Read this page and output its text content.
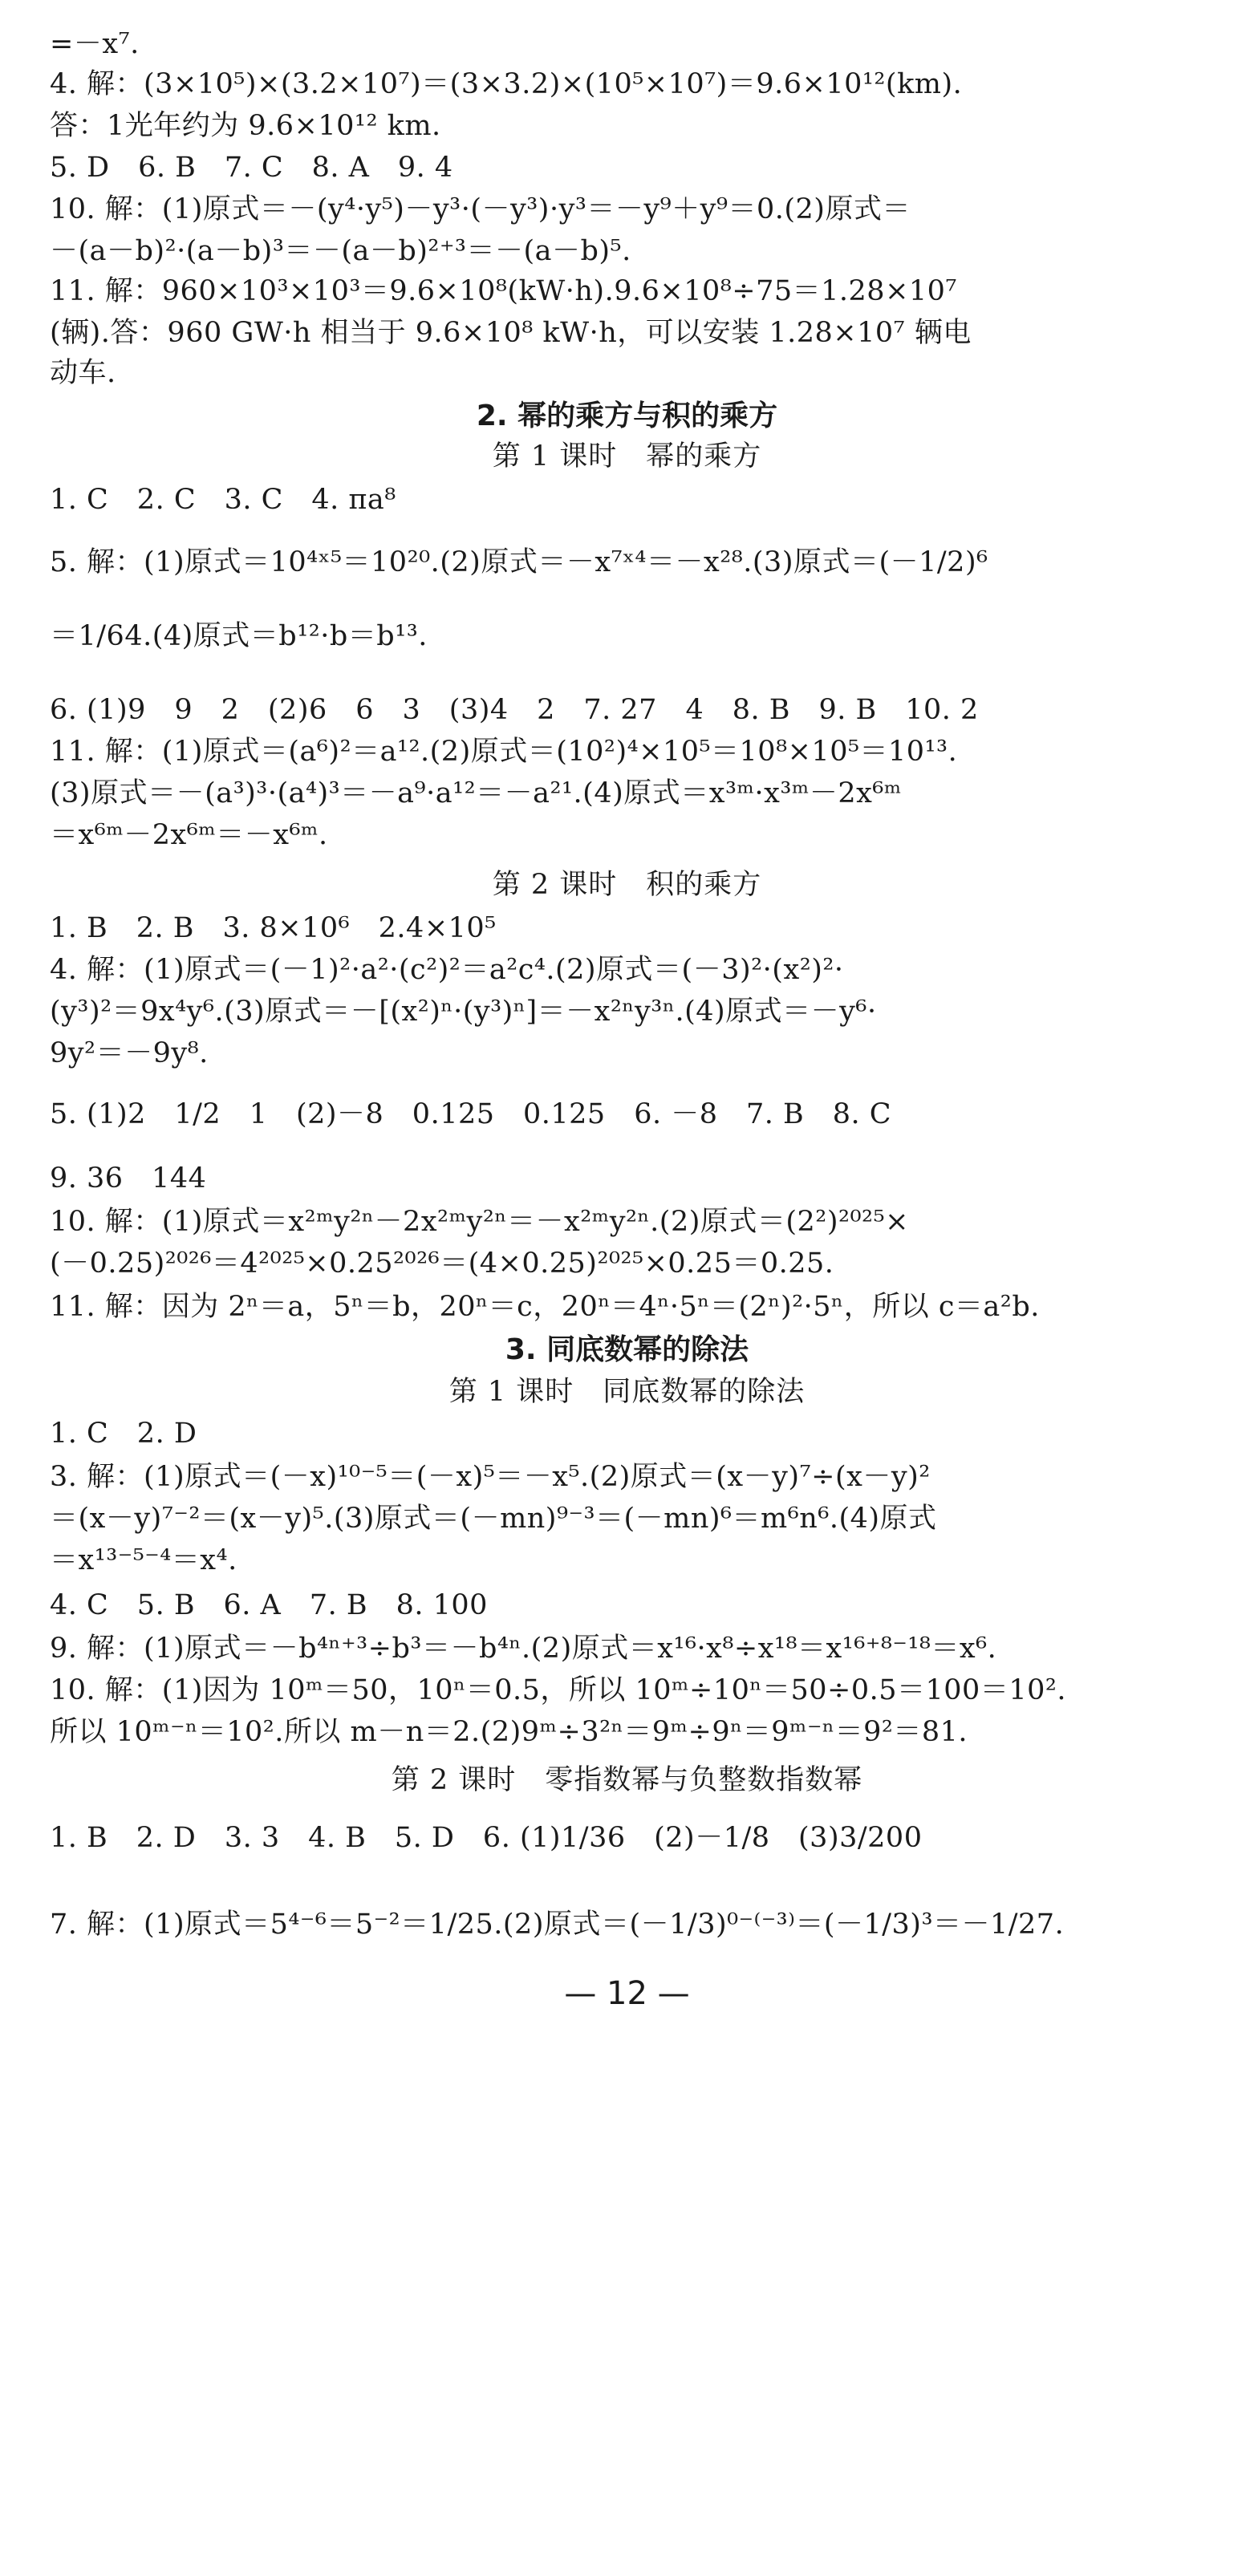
=－x⁷.
4. 解：(3×10⁵)×(3.2×10⁷)＝(3×3.2)×(10⁵×10⁷)＝9.6×10¹²(km).
答：1光年约为 9.6×10¹² km.
5. D　6. B　7. C　8. A　9. 4
10. 解：(1)原式＝－(y⁴·y⁵)－y³·(－y³)·y³＝－y⁹＋y⁹＝0.(2)原式＝
－(a－b)²·(a－b)³＝－(a－b)²⁺³＝－(a－b)⁵.
11. 解：960×10³×10³＝9.6×10⁸(kW·h).9.6×10⁸÷75＝1.28×10⁷
(辆).答：960 GW·h 相当于 9.6×10⁸ kW·h，可以安装 1.28×10⁷ 辆电
动车.
2. 幂的乘方与积的乘方
第 1 课时　幂的乘方
1. C　2. C　3. C　4. πa⁸
5. 解：(1)原式＝10⁴ˣ⁵＝10²⁰.(2)原式＝－x⁷ˣ⁴＝－x²⁸.(3)原式＝(－1/2)⁶
＝1/64.(4)原式＝b¹²·b＝b¹³.
6. (1)9　9　2　(2)6　6　3　(3)4　2　7. 27　4　8. B　9. B　10. 2
11. 解：(1)原式＝(a⁶)²＝a¹².(2)原式＝(10²)⁴×10⁵＝10⁸×10⁵＝10¹³.
(3)原式＝－(a³)³·(a⁴)³＝－a⁹·a¹²＝－a²¹.(4)原式＝x³ᵐ·x³ᵐ－2x⁶ᵐ
＝x⁶ᵐ－2x⁶ᵐ＝－x⁶ᵐ.
第 2 课时　积的乘方
1. B　2. B　3. 8×10⁶　2.4×10⁵
4. 解：(1)原式＝(－1)²·a²·(c²)²＝a²c⁴.(2)原式＝(－3)²·(x²)²·
(y³)²＝9x⁴y⁶.(3)原式＝－[(x²)ⁿ·(y³)ⁿ]＝－x²ⁿy³ⁿ.(4)原式＝－y⁶·
9y²＝－9y⁸.
5. (1)2　1/2　1　(2)－8　0.125　0.125　6. －8　7. B　8. C
9. 36　144
10. 解：(1)原式＝x²ᵐy²ⁿ－2x²ᵐy²ⁿ＝－x²ᵐy²ⁿ.(2)原式＝(2²)²⁰²⁵×
(－0.25)²⁰²⁶＝4²⁰²⁵×0.25²⁰²⁶＝(4×0.25)²⁰²⁵×0.25＝0.25.
11. 解：因为 2ⁿ＝a，5ⁿ＝b，20ⁿ＝c，20ⁿ＝4ⁿ·5ⁿ＝(2ⁿ)²·5ⁿ，所以 c＝a²b.
3. 同底数幂的除法
第 1 课时　同底数幂的除法
1. C　2. D
3. 解：(1)原式＝(－x)¹⁰⁻⁵＝(－x)⁵＝－x⁵.(2)原式＝(x－y)⁷÷(x－y)²
＝(x－y)⁷⁻²＝(x－y)⁵.(3)原式＝(－mn)⁹⁻³＝(－mn)⁶＝m⁶n⁶.(4)原式
＝x¹³⁻⁵⁻⁴＝x⁴.
4. C　5. B　6. A　7. B　8. 100
9. 解：(1)原式＝－b⁴ⁿ⁺³÷b³＝－b⁴ⁿ.(2)原式＝x¹⁶·x⁸÷x¹⁸＝x¹⁶⁺⁸⁻¹⁸＝x⁶.
10. 解：(1)因为 10ᵐ＝50，10ⁿ＝0.5，所以 10ᵐ÷10ⁿ＝50÷0.5＝100＝10².
所以 10ᵐ⁻ⁿ＝10².所以 m－n＝2.(2)9ᵐ÷3²ⁿ＝9ᵐ÷9ⁿ＝9ᵐ⁻ⁿ＝9²＝81.
第 2 课时　零指数幂与负整数指数幂
1. B　2. D　3. 3　4. B　5. D　6. (1)1/36　(2)－1/8　(3)3/200
7. 解：(1)原式＝5⁴⁻⁶＝5⁻²＝1/25.(2)原式＝(－1/3)⁰⁻⁽⁻³⁾＝(－1/3)³＝－1/27.
— 12 —
